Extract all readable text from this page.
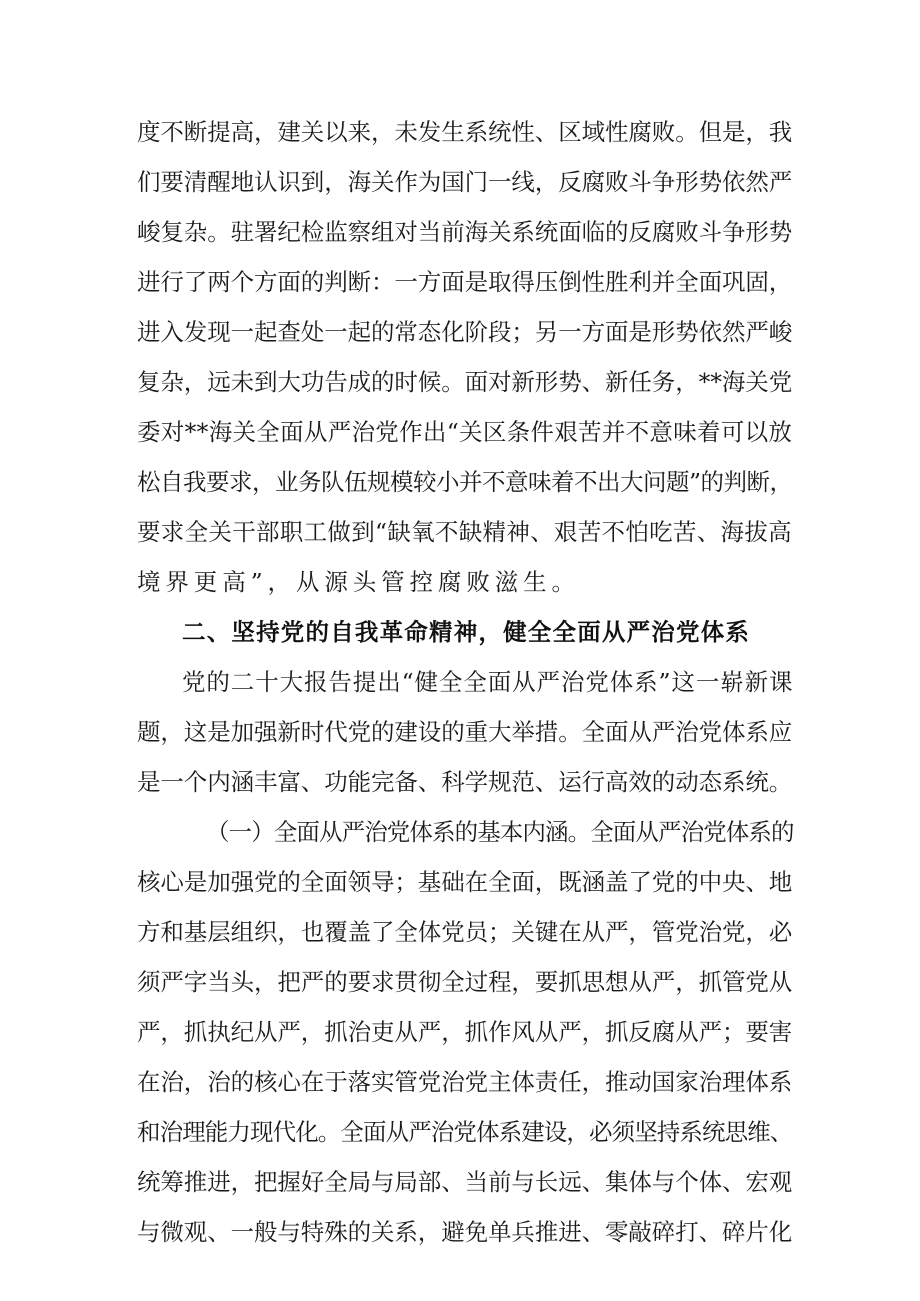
度不断提高，建关以来，未发生系统性、区域性腐败。但是，我
们要清醒地认识到，海关作为国门一线，反腐败斗争形势依然严
峻复杂。驻署纪检监察组对当前海关系统面临的反腐败斗争形势
进行了两个方面的判断：一方面是取得压倒性胜利并全面巩固，
进入发现一起查处一起的常态化阶段；另一方面是形势依然严峻
复杂，远未到大功告成的时候。面对新形势、新任务，**海关党
委对**海关全面从严治党作出“关区条件艰苦并不意味着可以放
松自我要求，业务队伍规模较小并不意味着不出大问题”的判断，
要求全关干部职工做到“缺氧不缺精神、艰苦不怕吃苦、海拔高
境界更高”，从源头管控腐败滋生。
二、坚持党的自我革命精神，健全全面从严治党体系
党的二十大报告提出“健全全面从严治党体系”这一崭新课
题，这是加强新时代党的建设的重大举措。全面从严治党体系应
是一个内涵丰富、功能完备、科学规范、运行高效的动态系统。
（一）全面从严治党体系的基本内涵。全面从严治党体系的
核心是加强党的全面领导；基础在全面，既涵盖了党的中央、地
方和基层组织，也覆盖了全体党员；关键在从严，管党治党，必
须严字当头，把严的要求贯彻全过程，要抓思想从严，抓管党从
严，抓执纪从严，抓治吏从严，抓作风从严，抓反腐从严；要害
在治，治的核心在于落实管党治党主体责任，推动国家治理体系
和治理能力现代化。全面从严治党体系建设，必须坚持系统思维、
统筹推进，把握好全局与局部、当前与长远、集体与个体、宏观
与微观、一般与特殊的关系，避免单兵推进、零敲碎打、碎片化
